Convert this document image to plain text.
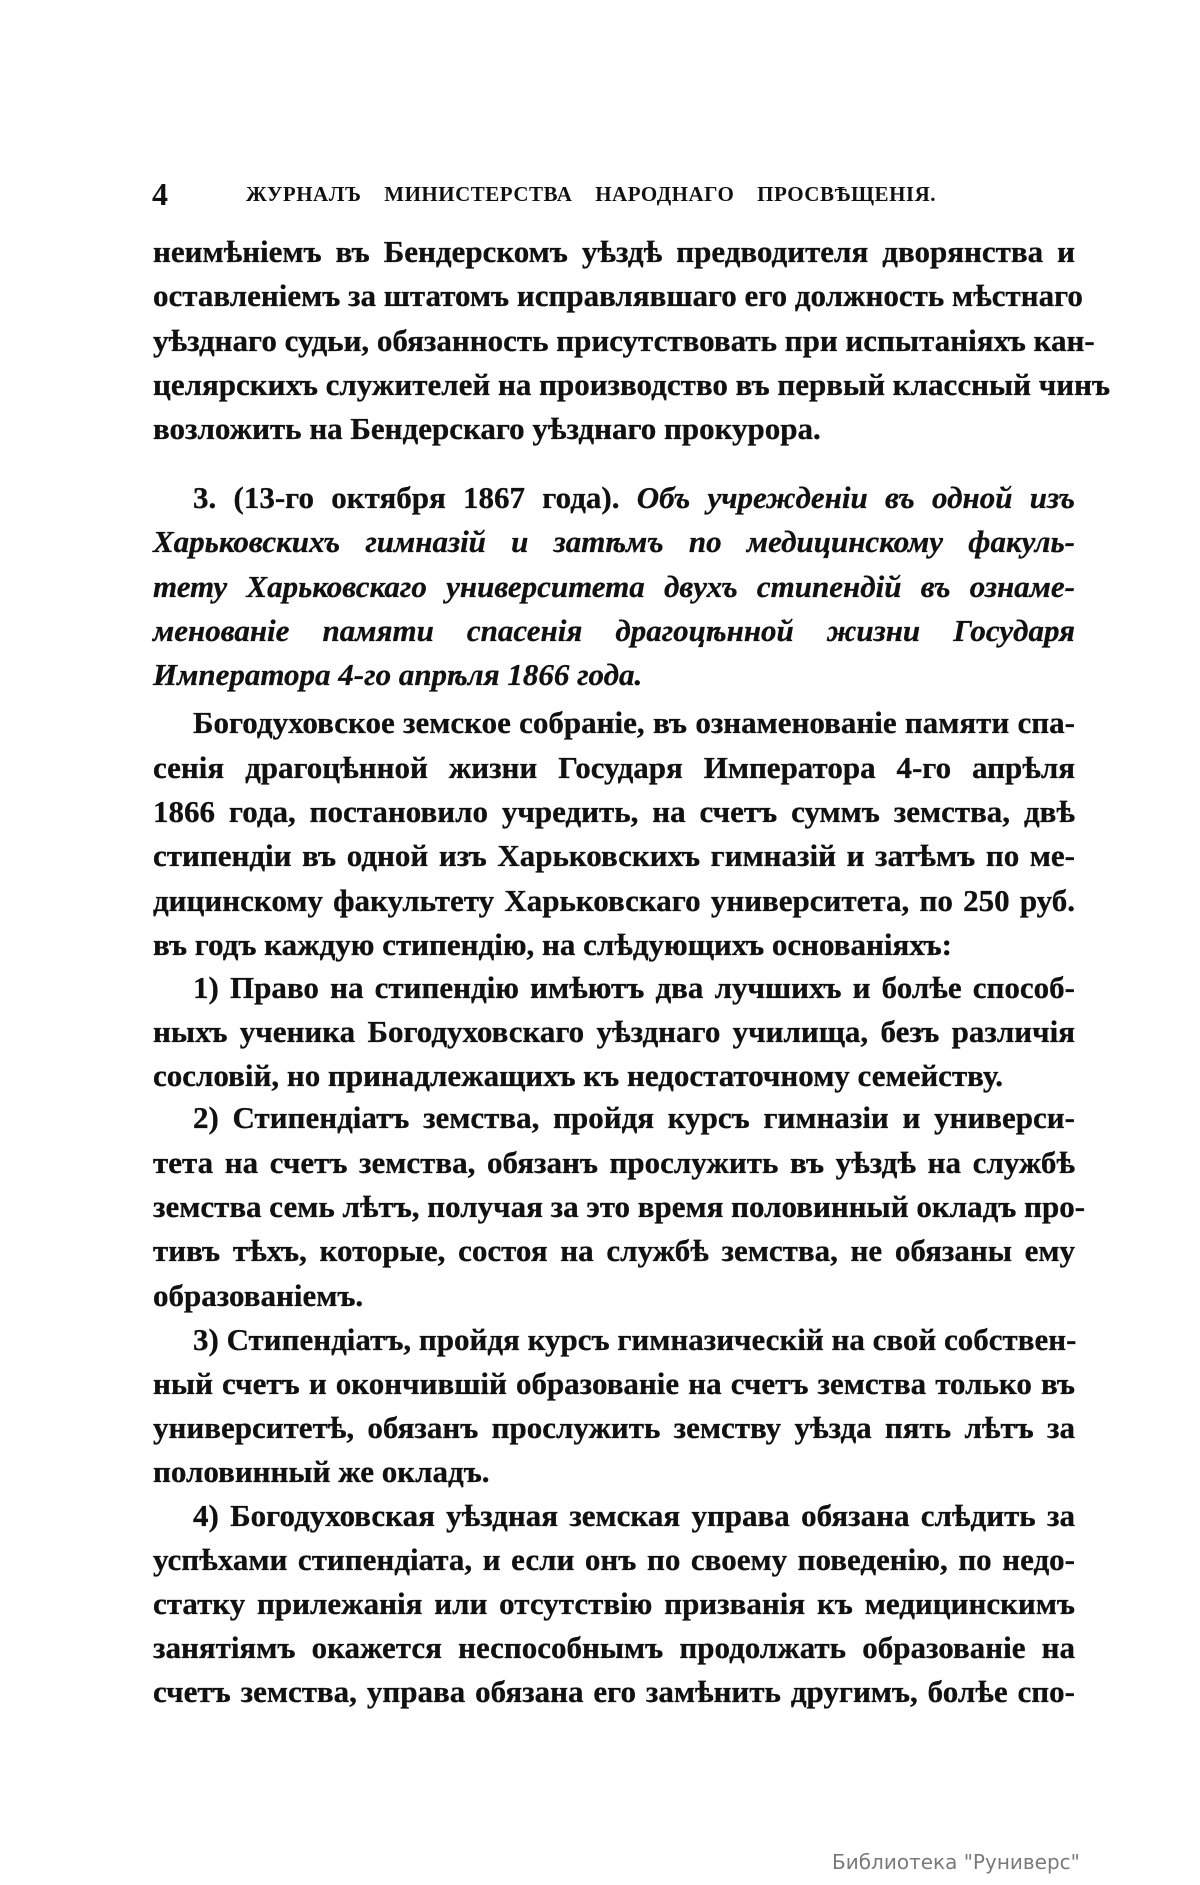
4	ЖУРНАЛЪ МИНИСТЕРСТВА НАРОДНАГО ПРОСВѢЩЕНІЯ.
неимѣніемъ въ Бендерскомъ уѣздѣ предводителя дворянства и
оставленіемъ за штатомъ исправлявшаго его должность мѣстнаго
уѣзднаго судьи, обязанность присутствовать при испытаніяхъ кан-
целярскихъ служителей на производство въ первый классный чинъ
возложить на Бендерскаго уѣзднаго прокурора.
3. (13-го октября 1867 года). Объ учрежденіи въ одной изъ
Харьковскихъ гимназій и затѣмъ по медицинскому факуль-
тету Харьковскаго университета двухъ стипендій въ ознаме-
менованіе памяти спасенія драгоцѣнной жизни Государя
Императора 4-го апрѣля 1866 года.
Богодуховское земское собраніе, въ ознаменованіе памяти спа-
сенія драгоцѣнной жизни Государя Императора 4-го апрѣля
1866 года, постановило учредить, на счетъ суммъ земства, двѣ
стипендіи въ одной изъ Харьковскихъ гимназій и затѣмъ по ме-
дицинскому факультету Харьковскаго университета, по 250 руб.
въ годъ каждую стипендію, на слѣдующихъ основаніяхъ:
1) Право на стипендію имѣютъ два лучшихъ и болѣе способ-
ныхъ ученика Богодуховскаго уѣзднаго училища, безъ различія
сословій, но принадлежащихъ къ недостаточному семейству.
2) Стипендіатъ земства, пройдя курсъ гимназіи и универси-
тета на счетъ земства, обязанъ прослужить въ уѣздѣ на службѣ
земства семь лѣтъ, получая за это время половинный окладъ про-
тивъ тѣхъ, которые, состоя на службѣ земства, не обязаны ему
образованіемъ.
3) Стипендіатъ, пройдя курсъ гимназическій на свой собствен-
ный счетъ и окончившій образованіе на счетъ земства только въ
университетѣ, обязанъ прослужить земству уѣзда пять лѣтъ за
половинный же окладъ.
4) Богодуховская уѣздная земская управа обязана слѣдить за
успѣхами стипендіата, и если онъ по своему поведенію, по недо-
статку прилежанія или отсутствію призванія къ медицинскимъ
занятіямъ окажется неспособнымъ продолжать образованіе на
счетъ земства, управа обязана его замѣнить другимъ, болѣе спо-
Библиотека "Руниверс"
